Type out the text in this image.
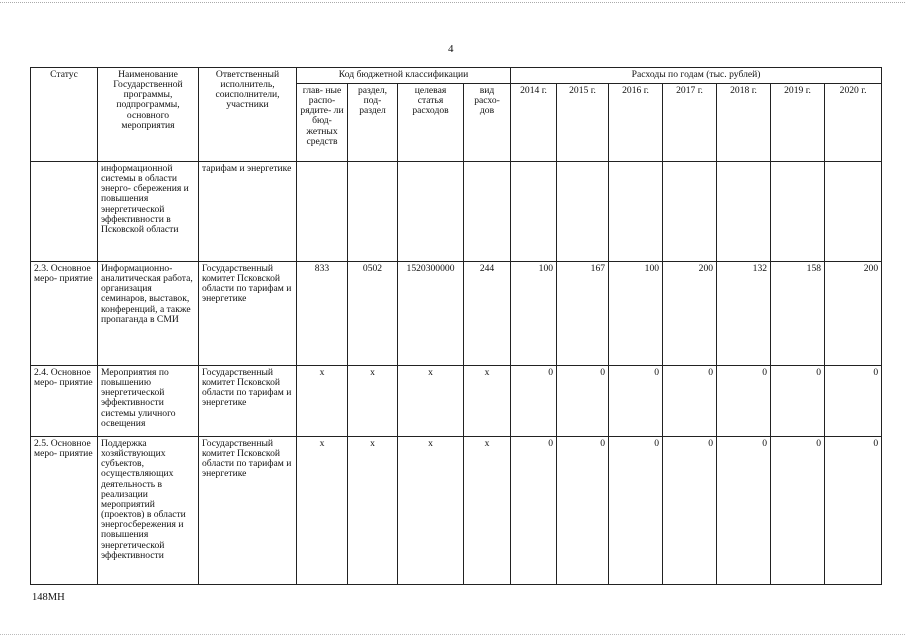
4
Статус	Наименование Государственной программы, подпрограммы, основного мероприятия	Ответственный исполнитель, соисполнители, участники	Код бюджетной классификации				Расходы по годам (тыс. рублей)						
			глав- ные распо- рядите- ли бюд- жетных средств	раздел, под- раздел	целевая статья расходов	вид расхо- дов	2014 г.	2015 г.	2016 г.	2017 г.	2018 г.	2019 г.	2020 г.
	информационной системы в области энерго- сбережения и повышения энергетической эффективности в Псковской области	тарифам и энергетике											
2.3. Основное меро- приятие	Информационно- аналитическая работа, организация семинаров, выставок, конференций, а также пропаганда в СМИ	Государственный комитет Псковской области по тарифам и энергетике	833	0502	1520300000	244	100	167	100	200	132	158	200
2.4. Основное меро- приятие	Мероприятия по повышению энергетической эффективности системы уличного освещения	Государственный комитет Псковской области по тарифам и энергетике	х	х	х	х	0	0	0	0	0	0	0
2.5. Основное меро- приятие	Поддержка хозяйствующих субъектов, осуществляющих деятельность в реализации мероприятий (проектов) в области энергосбережения и повышения энергетической эффективности	Государственный комитет Псковской области по тарифам и энергетике	х	х	х	х	0	0	0	0	0	0	0
148МН
